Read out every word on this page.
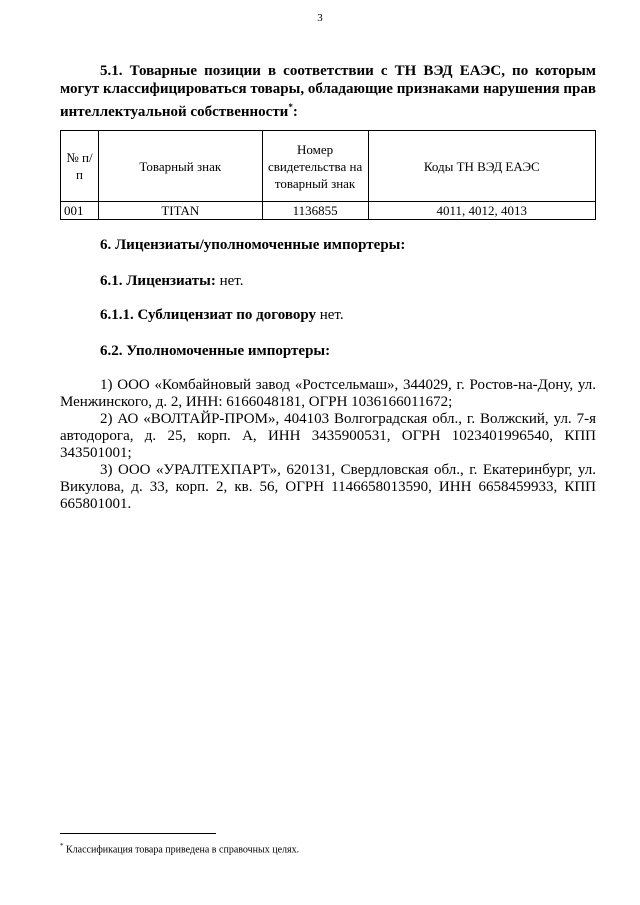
3

5.1. Товарные позиции в соответствии с ТН ВЭД ЕАЭС, по которым могут классифицироваться товары, обладающие признаками нарушения прав интеллектуальной собственности*:

№ п/п	Товарный знак	Номер свидетельства на товарный знак	Коды ТН ВЭД ЕАЭС
001	TITAN	1136855	4011, 4012, 4013

6. Лицензиаты/уполномоченные импортеры:

6.1. Лицензиаты: нет.

6.1.1. Сублицензиат по договору нет.

6.2. Уполномоченные импортеры:

1) ООО «Комбайновый завод «Ростсельмаш», 344029, г. Ростов-на-Дону, ул. Менжинского, д. 2, ИНН: 6166048181, ОГРН 1036166011672;

2) АО «ВОЛТАЙР-ПРОМ», 404103 Волгоградская обл., г. Волжский, ул. 7-я автодорога, д. 25, корп. А, ИНН 3435900531, ОГРН 1023401996540, КПП 343501001;

3) ООО «УРАЛТЕХПАРТ», 620131, Свердловская обл., г. Екатеринбург, ул. Викулова, д. 33, корп. 2, кв. 56, ОГРН 1146658013590, ИНН 6658459933, КПП 665801001.

* Классификация товара приведена в справочных целях.
